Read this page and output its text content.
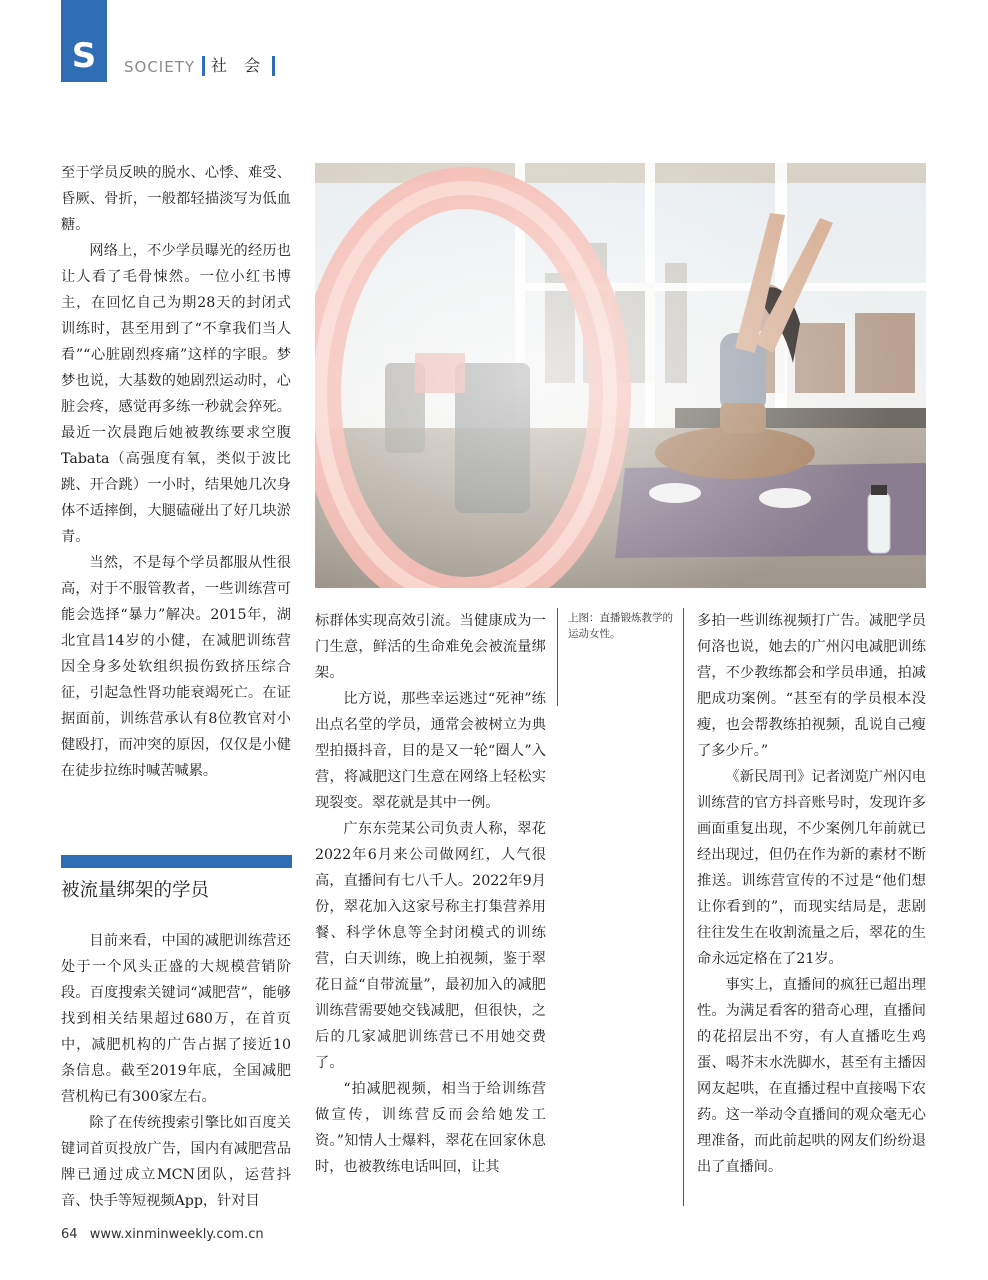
S	SOCIETY 社 会

至于学员反映的脱水、心悸、难受、昏厥、骨折，一般都轻描淡写为低血糖。

网络上，不少学员曝光的经历也让人看了毛骨悚然。一位小红书博主，在回忆自己为期28天的封闭式训练时，甚至用到了“不拿我们当人看”“心脏剧烈疼痛”这样的字眼。梦梦也说，大基数的她剧烈运动时，心脏会疼，感觉再多练一秒就会猝死。最近一次晨跑后她被教练要求空腹Tabata（高强度有氧，类似于波比跳、开合跳）一小时，结果她几次身体不适摔倒，大腿磕碰出了好几块淤青。

当然，不是每个学员都服从性很高，对于不服管教者，一些训练营可能会选择“暴力”解决。2015年，湖北宜昌14岁的小健，在减肥训练营因全身多处软组织损伤致挤压综合征，引起急性肾功能衰竭死亡。在证据面前，训练营承认有8位教官对小健殴打，而冲突的原因，仅仅是小健在徒步拉练时喊苦喊累。

被流量绑架的学员

目前来看，中国的减肥训练营还处于一个风头正盛的大规模营销阶段。百度搜索关键词“减肥营”，能够找到相关结果超过680万，在首页中，减肥机构的广告占据了接近10条信息。截至2019年底，全国减肥营机构已有300家左右。

除了在传统搜索引擎比如百度关键词首页投放广告，国内有减肥营品牌已通过成立MCN团队，运营抖音、快手等短视频App，针对目

标群体实现高效引流。当健康成为一门生意，鲜活的生命难免会被流量绑架。

比方说，那些幸运逃过“死神”练出点名堂的学员，通常会被树立为典型拍摄抖音，目的是又一轮“圈人”入营，将减肥这门生意在网络上轻松实现裂变。翠花就是其中一例。

广东东莞某公司负责人称，翠花2022年6月来公司做网红，人气很高，直播间有七八千人。2022年9月份，翠花加入这家号称主打集营养用餐、科学休息等全封闭模式的训练营，白天训练，晚上拍视频，鉴于翠花日益“自带流量”，最初加入的减肥训练营需要她交钱减肥，但很快，之后的几家减肥训练营已不用她交费了。

“拍减肥视频，相当于给训练营做宣传，训练营反而会给她发工资。”知情人士爆料，翠花在回家休息时，也被教练电话叫回，让其

上图：直播锻炼教学的运动女性。

多拍一些训练视频打广告。减肥学员何洛也说，她去的广州闪电减肥训练营，不少教练都会和学员串通，拍减肥成功案例。“甚至有的学员根本没瘦，也会帮教练拍视频，乱说自己瘦了多少斤。”

《新民周刊》记者浏览广州闪电训练营的官方抖音账号时，发现许多画面重复出现，不少案例几年前就已经出现过，但仍在作为新的素材不断推送。训练营宣传的不过是“他们想让你看到的”，而现实结局是，悲剧往往发生在收割流量之后，翠花的生命永远定格在了21岁。

事实上，直播间的疯狂已超出理性。为满足看客的猎奇心理，直播间的花招层出不穷，有人直播吃生鸡蛋、喝芥末水洗脚水，甚至有主播因网友起哄，在直播过程中直接喝下农药。这一举动令直播间的观众毫无心理准备，而此前起哄的网友们纷纷退出了直播间。

64 www.xinminweekly.com.cn
